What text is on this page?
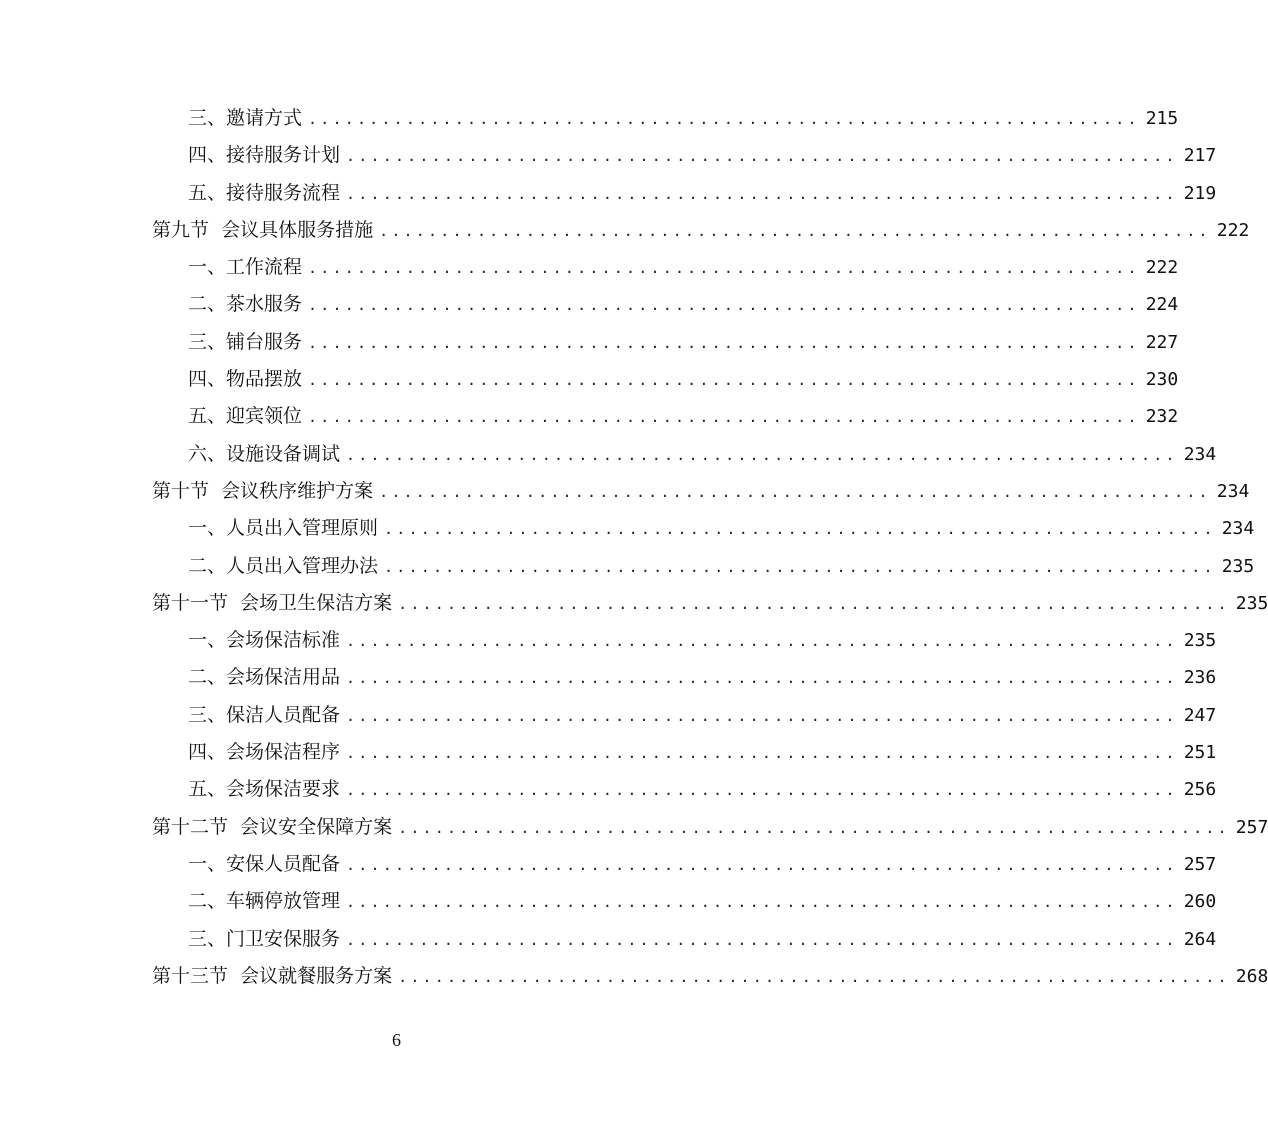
三、邀请方式 .................................................................... 215
四、接待服务计划 .................................................................... 217
五、接待服务流程 .................................................................... 219
第九节  会议具体服务措施 .................................................................... 222
一、工作流程 .................................................................... 222
二、茶水服务 .................................................................... 224
三、铺台服务 .................................................................... 227
四、物品摆放 .................................................................... 230
五、迎宾领位 .................................................................... 232
六、设施设备调试 .................................................................... 234
第十节  会议秩序维护方案 .................................................................... 234
一、人员出入管理原则 .................................................................... 234
二、人员出入管理办法 .................................................................... 235
第十一节  会场卫生保洁方案 .................................................................... 235
一、会场保洁标准 .................................................................... 235
二、会场保洁用品 .................................................................... 236
三、保洁人员配备 .................................................................... 247
四、会场保洁程序 .................................................................... 251
五、会场保洁要求 .................................................................... 256
第十二节  会议安全保障方案 .................................................................... 257
一、安保人员配备 .................................................................... 257
二、车辆停放管理 .................................................................... 260
三、门卫安保服务 .................................................................... 264
第十三节  会议就餐服务方案 .................................................................... 268
6
